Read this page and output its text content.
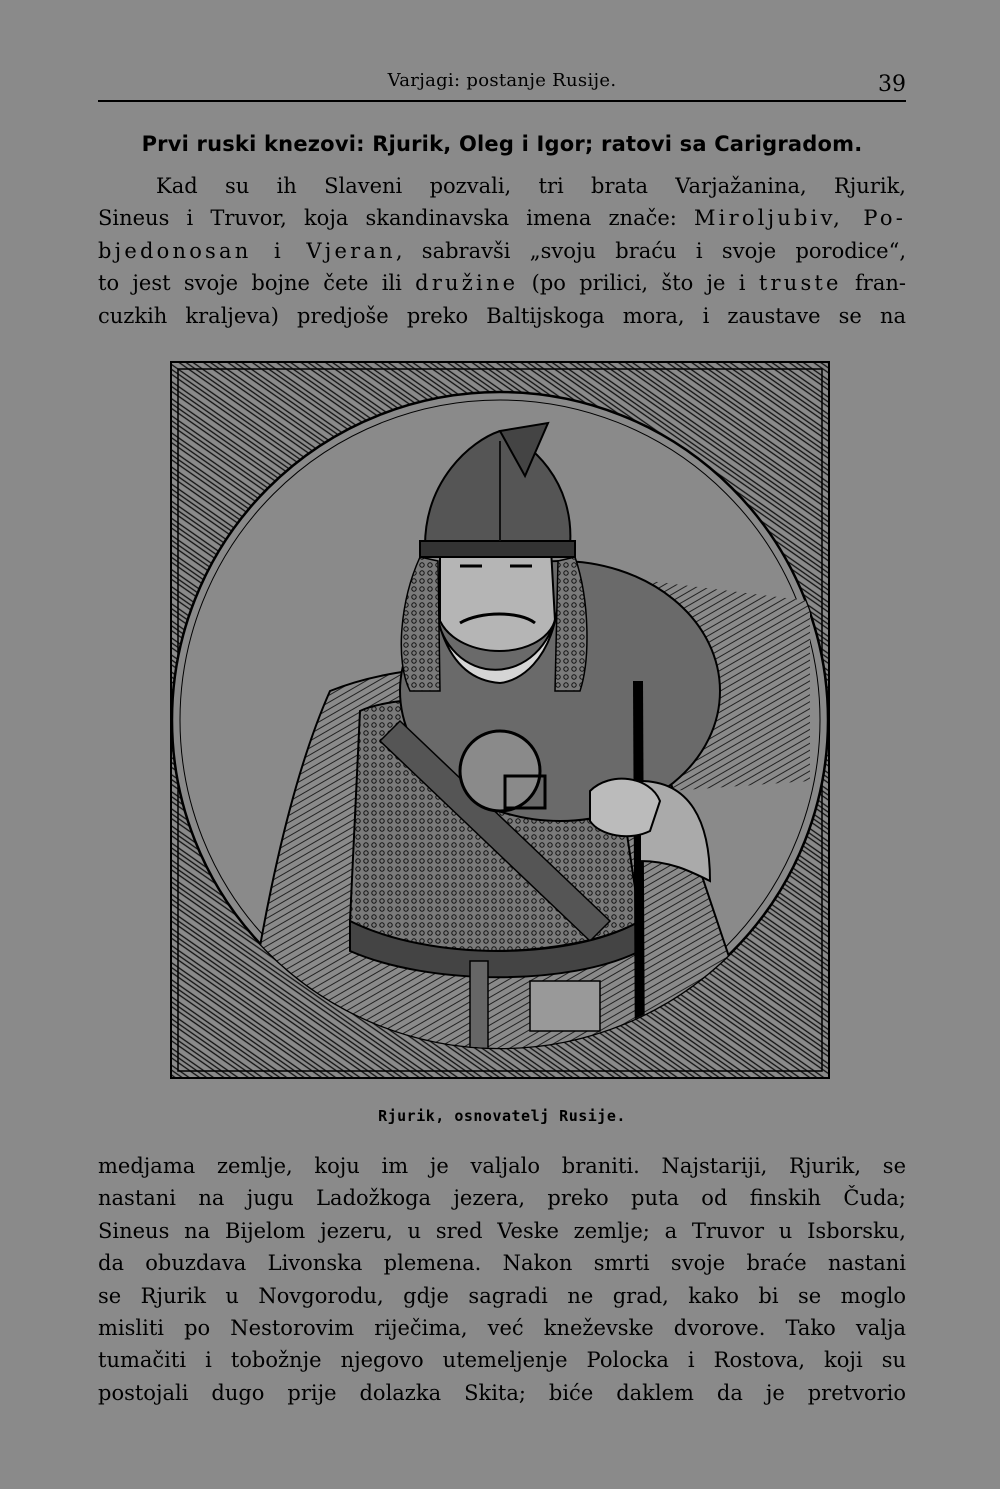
Varjagi: postanje Rusije.	39
Prvi ruski knezovi: Rjurik, Oleg i Igor; ratovi sa Carigradom.
Kad su ih Slaveni pozvali, tri brata Varjažanina, Rjurik,
Sineus i Truvor, koja skandinavska imena znače: Miroljubiv, Po-
bjedonosan i Vjeran, sabravši „svoju braću i svoje porodice“,
to jest svoje bojne čete ili družine (po prilici, što je i truste fran-
cuzkih kraljeva) predjoše preko Baltijskoga mora, i zaustave se na
Rjurik, osnovatelj Rusije.
medjama zemlje, koju im je valjalo braniti. Najstariji, Rjurik, se
nastani na jugu Ladožkoga jezera, preko puta od finskih Čuda;
Sineus na Bijelom jezeru, u sred Veske zemlje; a Truvor u Isborsku,
da obuzdava Livonska plemena. Nakon smrti svoje braće nastani
se Rjurik u Novgorodu, gdje sagradi ne grad, kako bi se moglo
misliti po Nestorovim riječima, već kneževske dvorove. Tako valja
tumačiti i tobožnje njegovo utemeljenje Polocka i Rostova, koji su
postojali dugo prije dolazka Skita; biće daklem da je pretvorio
